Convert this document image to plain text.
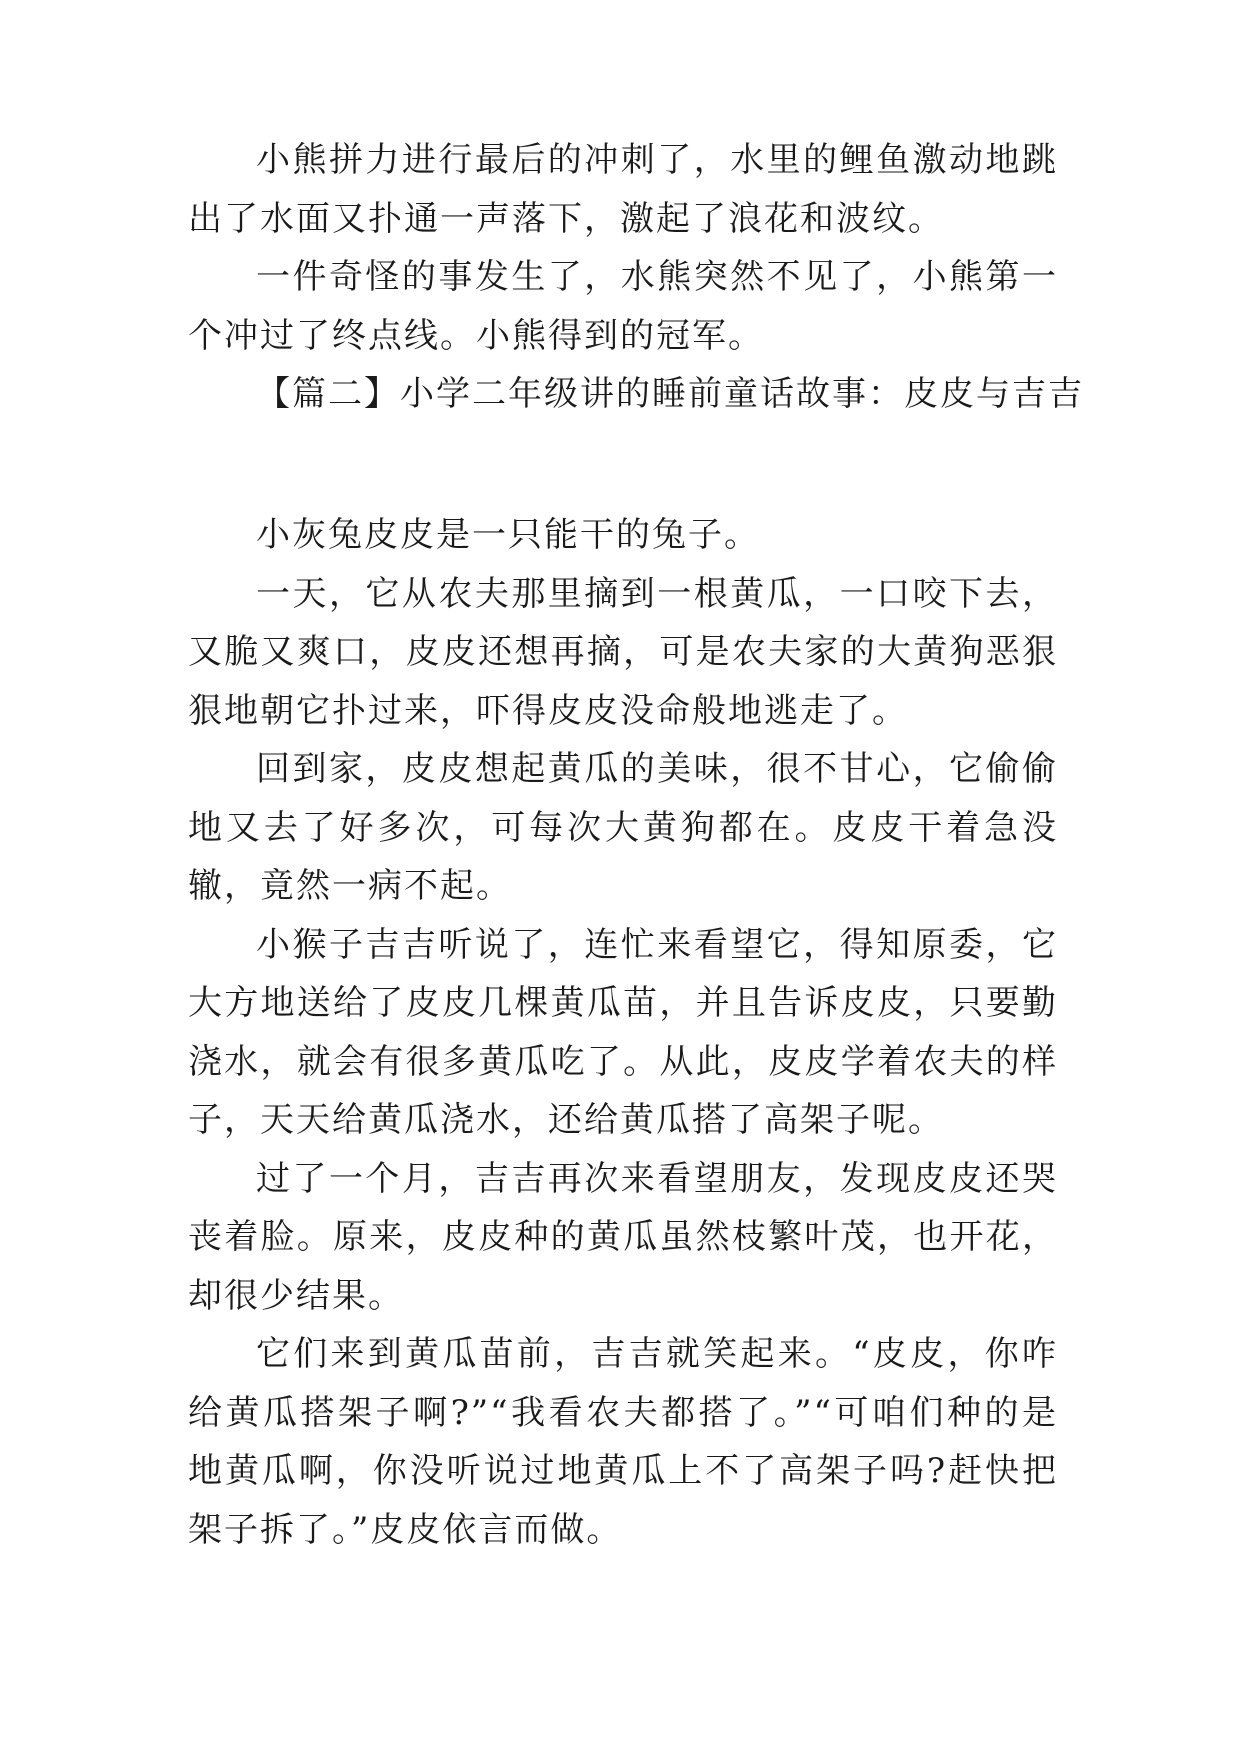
小熊拼力进行最后的冲刺了，水里的鲤鱼激动地跳出了水面又扑通一声落下，激起了浪花和波纹。

一件奇怪的事发生了，水熊突然不见了，小熊第一个冲过了终点线。小熊得到的冠军。

【篇二】小学二年级讲的睡前童话故事：皮皮与吉吉

小灰兔皮皮是一只能干的兔子。

一天，它从农夫那里摘到一根黄瓜，一口咬下去，又脆又爽口，皮皮还想再摘，可是农夫家的大黄狗恶狠狠地朝它扑过来，吓得皮皮没命般地逃走了。

回到家，皮皮想起黄瓜的美味，很不甘心，它偷偷地又去了好多次，可每次大黄狗都在。皮皮干着急没辙，竟然一病不起。

小猴子吉吉听说了，连忙来看望它，得知原委，它大方地送给了皮皮几棵黄瓜苗，并且告诉皮皮，只要勤浇水，就会有很多黄瓜吃了。从此，皮皮学着农夫的样子，天天给黄瓜浇水，还给黄瓜搭了高架子呢。

过了一个月，吉吉再次来看望朋友，发现皮皮还哭丧着脸。原来，皮皮种的黄瓜虽然枝繁叶茂，也开花，却很少结果。

它们来到黄瓜苗前，吉吉就笑起来。“皮皮，你咋给黄瓜搭架子啊?”“我看农夫都搭了。”“可咱们种的是地黄瓜啊，你没听说过地黄瓜上不了高架子吗?赶快把架子拆了。”皮皮依言而做。
